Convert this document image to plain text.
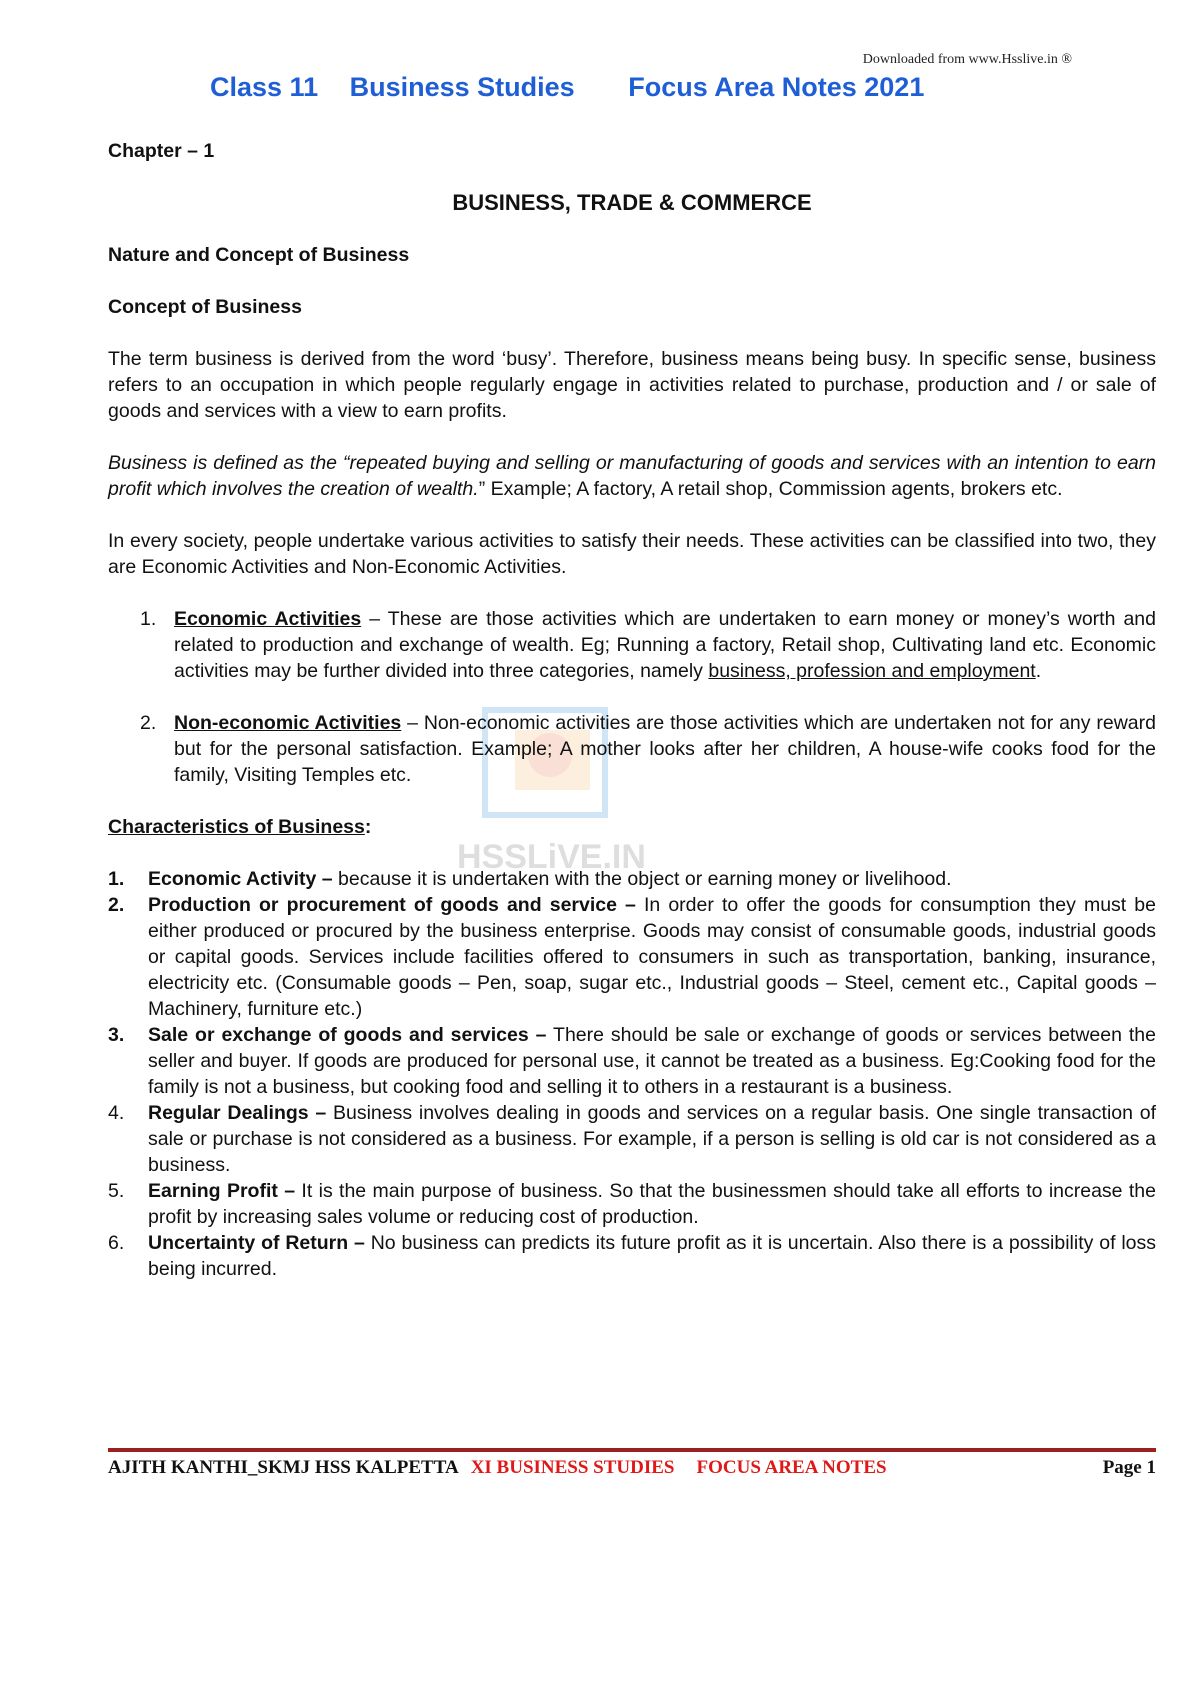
Downloaded from www.Hsslive.in ®
Class 11 Business Studies Focus Area Notes 2021
HSSLiVE.IN
Chapter – 1
BUSINESS, TRADE & COMMERCE
Nature and Concept of Business
Concept of Business

The term business is derived from the word ‘busy’. Therefore, business means being busy. In specific sense, business refers to an occupation in which people regularly engage in activities related to purchase, production and / or sale of goods and services with a view to earn profits.

Business is defined as the “repeated buying and selling or manufacturing of goods and services with an intention to earn profit which involves the creation of wealth.” Example; A factory, A retail shop, Commission agents, brokers etc.

In every society, people undertake various activities to satisfy their needs. These activities can be classified into two, they are Economic Activities and Non-Economic Activities.

1. Economic Activities – These are those activities which are undertaken to earn money or money’s worth and related to production and exchange of wealth. Eg; Running a factory, Retail shop, Cultivating land etc. Economic activities may be further divided into three categories, namely business, profession and employment.
2. Non-economic Activities – Non-economic activities are those activities which are undertaken not for any reward but for the personal satisfaction. Example; A mother looks after her children, A house-wife cooks food for the family, Visiting Temples etc.
Characteristics of Business:
1.	Economic Activity – because it is undertaken with the object or earning money or livelihood.
2.	Production or procurement of goods and service – In order to offer the goods for consumption they must be either produced or procured by the business enterprise. Goods may consist of consumable goods, industrial goods or capital goods. Services include facilities offered to consumers in such as transportation, banking, insurance, electricity etc. (Consumable goods – Pen, soap, sugar etc., Industrial goods – Steel, cement etc., Capital goods – Machinery, furniture etc.)
3.	Sale or exchange of goods and services – There should be sale or exchange of goods or services between the seller and buyer. If goods are produced for personal use, it cannot be treated as a business. Eg:Cooking food for the family is not a business, but cooking food and selling it to others in a restaurant is a business.
4.	Regular Dealings – Business involves dealing in goods and services on a regular basis. One single transaction of sale or purchase is not considered as a business. For example, if a person is selling is old car is not considered as a business.
5.	Earning Profit – It is the main purpose of business. So that the businessmen should take all efforts to increase the profit by increasing sales volume or reducing cost of production.
6.	Uncertainty of Return – No business can predicts its future profit as it is uncertain. Also there is a possibility of loss being incurred.
AJITH KANTHI_SKMJ HSS KALPETTA XI BUSINESS STUDIES FOCUS AREA NOTES	Page 1
